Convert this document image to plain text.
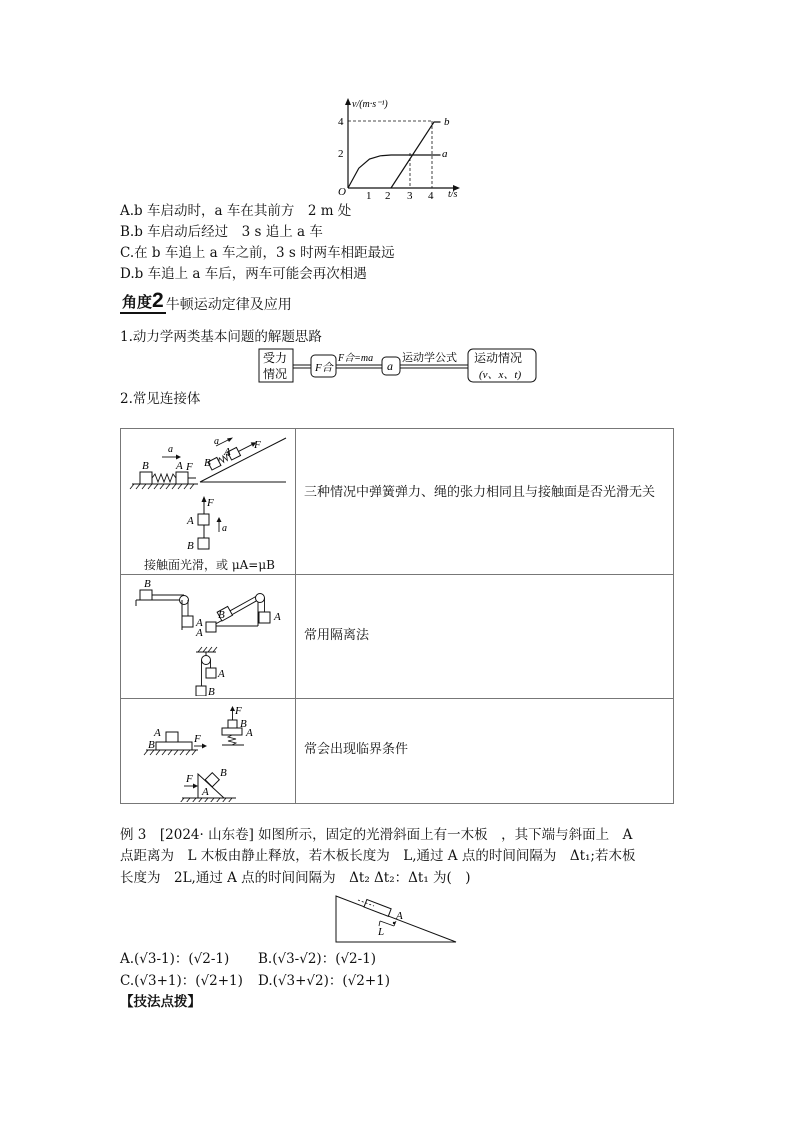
v/(m·s⁻¹)
t/s
O 1 2 3 4
2
4
a
b
A.b 车启动时，a 车在其前方　2 m 处
B.b 车启动后经过　3 s 追上 a 车
C.在 b 车追上 a 车之前，3 s 时两车相距最远
D.b 车追上 a 车后，两车可能会再次相遇
角度 2 牛顿运动定律及应用
1.动力学两类基本问题的解题思路
受力
情况	F合
F合=ma
a
运动学公式 运动情况
(v、x、t)
2.常见连接体
a
B A F
a
B
A
F
F
a
A
B
接触面光滑，或 μA=μB
三种情况中弹簧弹力、绳的张力相同且与接触面是否光滑无关
B
A
B
A
A
A
B
常用隔离法
A
B	F
F
B
A
F
A
B
常会出现临界条件
例 3　[2024· 山东卷] 如图所示，固定的光滑斜面上有一木板　，其下端与斜面上　A
点距离为　L 木板由静止释放，若木板长度为　L,通过 A 点的时间间隔为　Δt₁;若木板
长度为　2L,通过 A 点的时间间隔为　Δt₂ Δt₂：Δt₁ 为(　)
A
L
A.(√3-1)：(√2-1) B.(√3-√2)：(√2-1)
C.(√3+1)：(√2+1) D.(√3+√2)：(√2+1)
【技法点拨】
